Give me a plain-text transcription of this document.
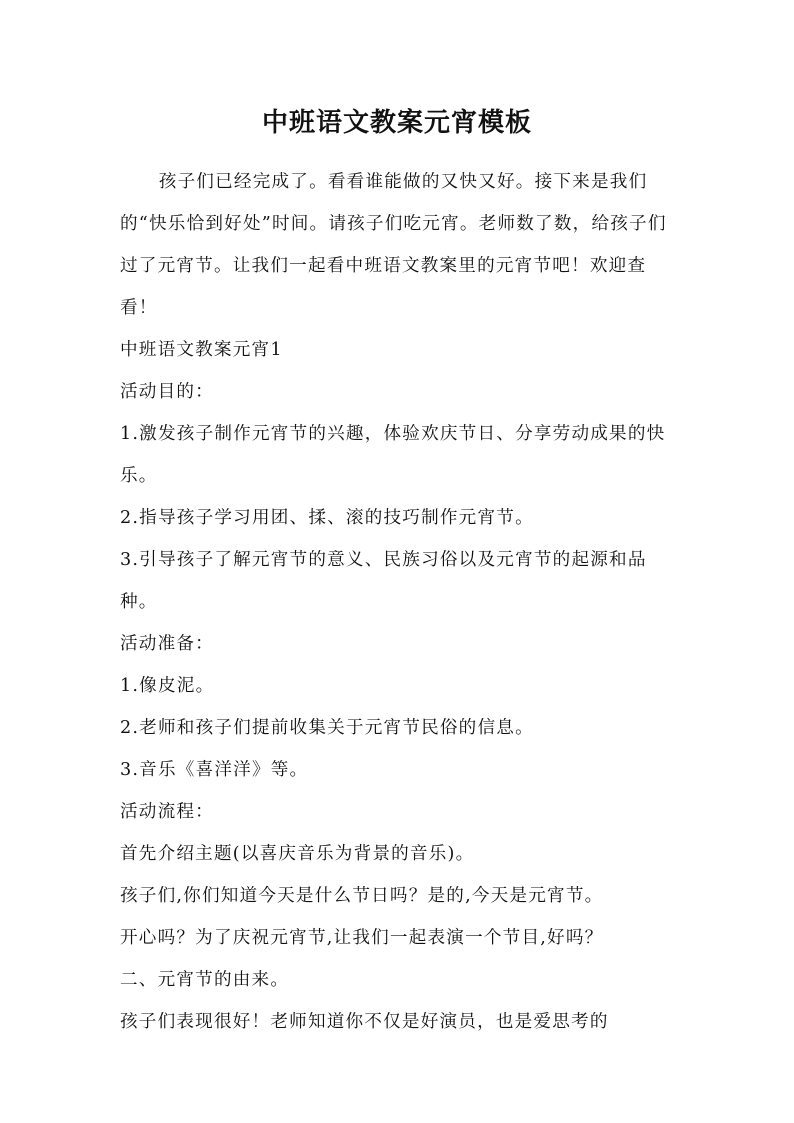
中班语文教案元宵模板

孩子们已经完成了。看看谁能做的又快又好。接下来是我们的“快乐恰到好处”时间。请孩子们吃元宵。老师数了数，给孩子们过了元宵节。让我们一起看中班语文教案里的元宵节吧！欢迎查看！

中班语文教案元宵1

活动目的：

1.激发孩子制作元宵节的兴趣，体验欢庆节日、分享劳动成果的快乐。

2.指导孩子学习用团、揉、滚的技巧制作元宵节。

3.引导孩子了解元宵节的意义、民族习俗以及元宵节的起源和品种。

活动准备：

1.像皮泥。

2.老师和孩子们提前收集关于元宵节民俗的信息。

3.音乐《喜洋洋》等。

活动流程：

首先介绍主题(以喜庆音乐为背景的音乐)。

孩子们,你们知道今天是什么节日吗？是的,今天是元宵节。

开心吗？为了庆祝元宵节,让我们一起表演一个节目,好吗？

二、元宵节的由来。

孩子们表现很好！老师知道你不仅是好演员，也是爱思考的
